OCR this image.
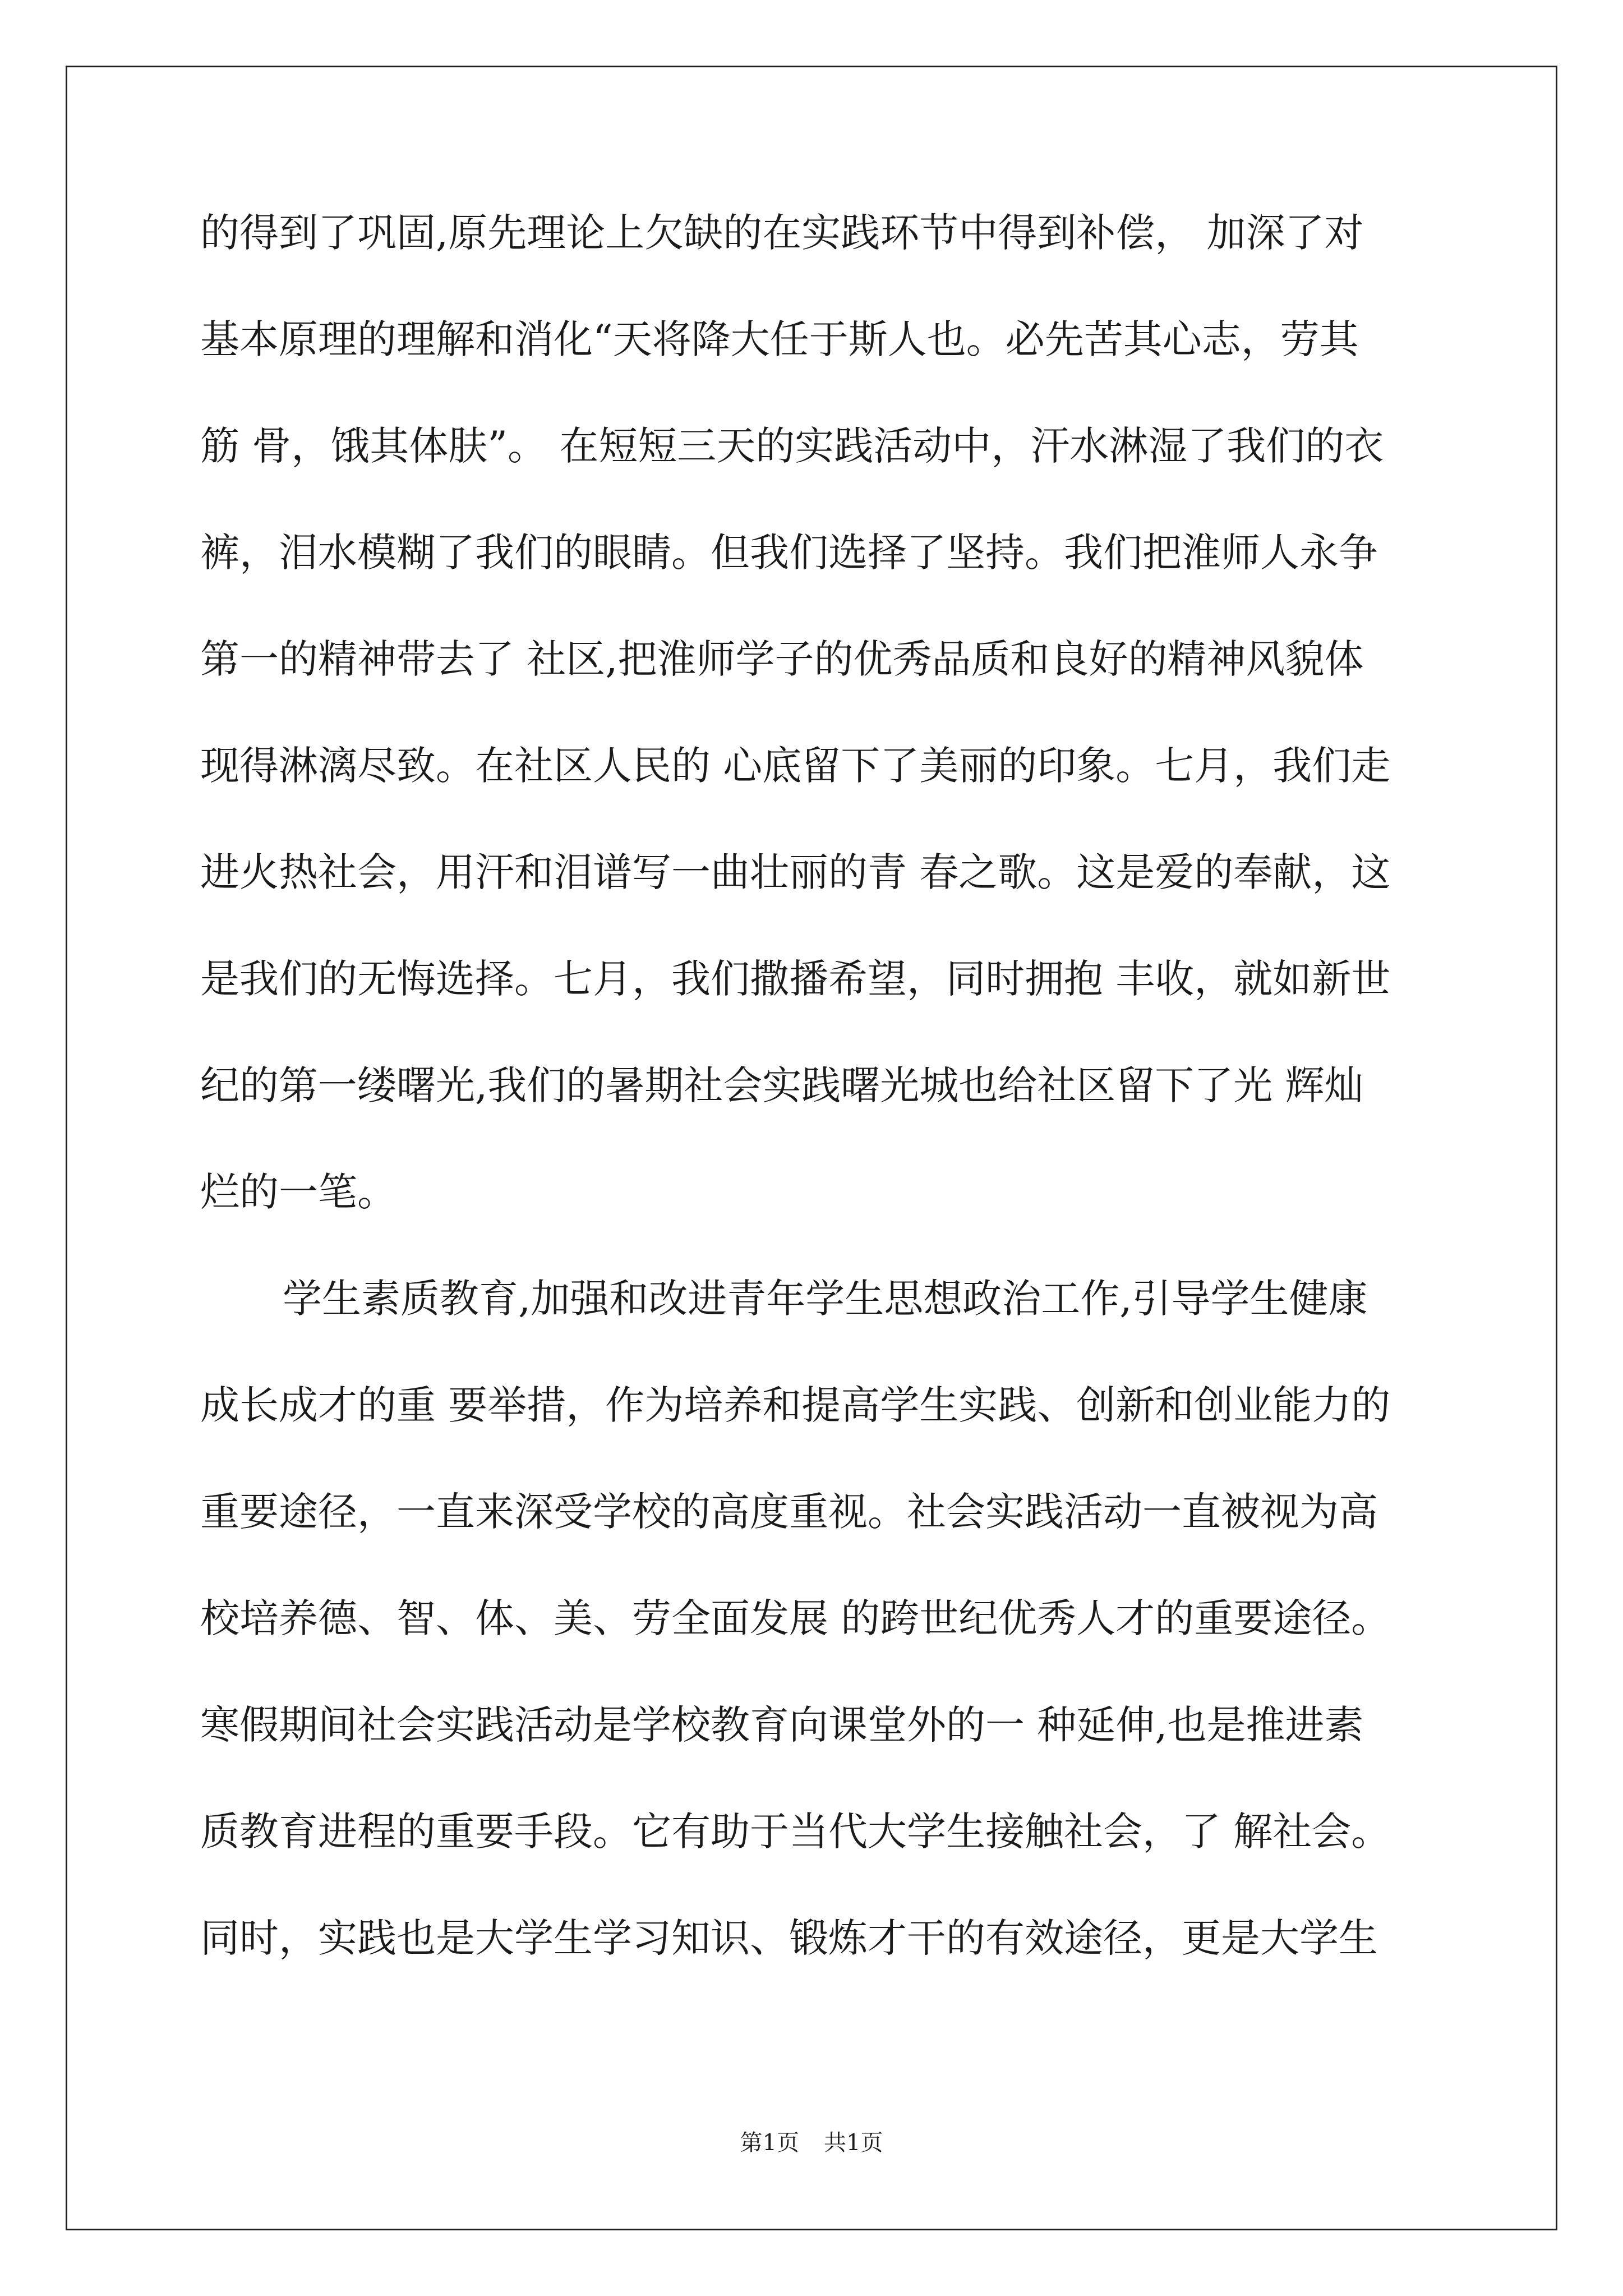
的得到了巩固,原先理论上欠缺的在实践环节中得到补偿， 加深了对
基本原理的理解和消化“天将降大任于斯人也。必先苦其心志，劳其
筋 骨，饿其体肤”。 在短短三天的实践活动中，汗水淋湿了我们的衣
裤，泪水模糊了我们的眼睛。但我们选择了坚持。我们把淮师人永争
第一的精神带去了 社区,把淮师学子的优秀品质和良好的精神风貌体
现得淋漓尽致。在社区人民的 心底留下了美丽的印象。七月，我们走
进火热社会，用汗和泪谱写一曲壮丽的青 春之歌。这是爱的奉献，这
是我们的无悔选择。七月，我们撒播希望，同时拥抱 丰收，就如新世
纪的第一缕曙光,我们的暑期社会实践曙光城也给社区留下了光 辉灿
烂的一笔。
学生素质教育,加强和改进青年学生思想政治工作,引导学生健康
成长成才的重 要举措，作为培养和提高学生实践、创新和创业能力的
重要途径，一直来深受学校的高度重视。社会实践活动一直被视为高
校培养德、智、体、美、劳全面发展 的跨世纪优秀人才的重要途径。
寒假期间社会实践活动是学校教育向课堂外的一 种延伸,也是推进素
质教育进程的重要手段。它有助于当代大学生接触社会，了 解社会。
同时，实践也是大学生学习知识、锻炼才干的有效途径，更是大学生
第1页 共1页
